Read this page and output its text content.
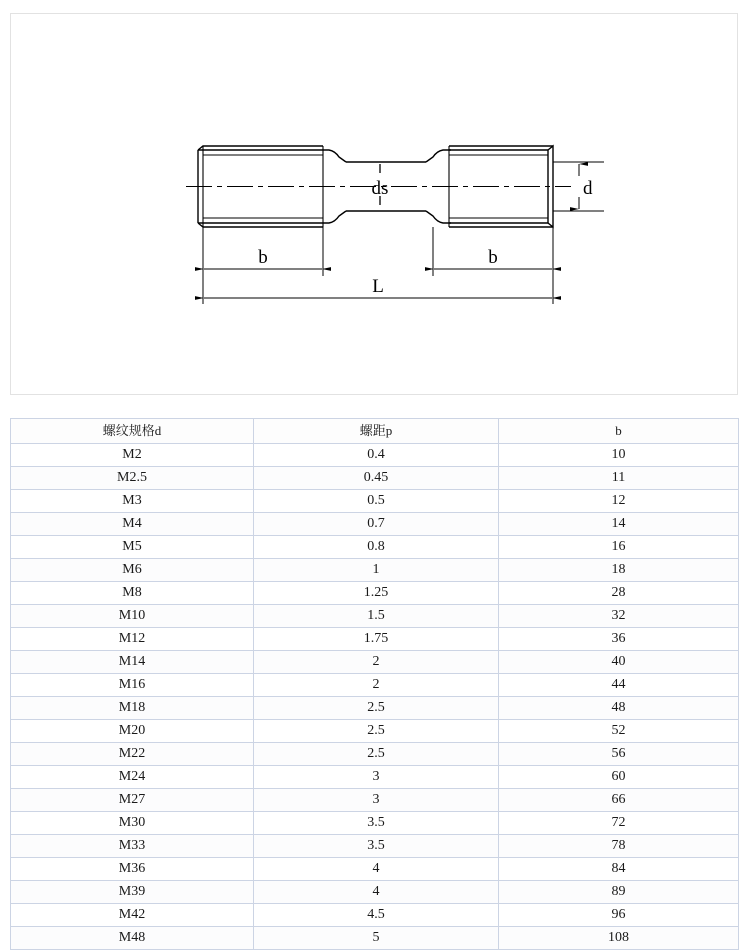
ds	d
b	b
L
螺纹规格d	螺距p	b
M2	0.4	10
M2.5	0.45	11
M3	0.5	12
M4	0.7	14
M5	0.8	16
M6	1	18
M8	1.25	28
M10	1.5	32
M12	1.75	36
M14	2	40
M16	2	44
M18	2.5	48
M20	2.5	52
M22	2.5	56
M24	3	60
M27	3	66
M30	3.5	72
M33	3.5	78
M36	4	84
M39	4	89
M42	4.5	96
M48	5	108
